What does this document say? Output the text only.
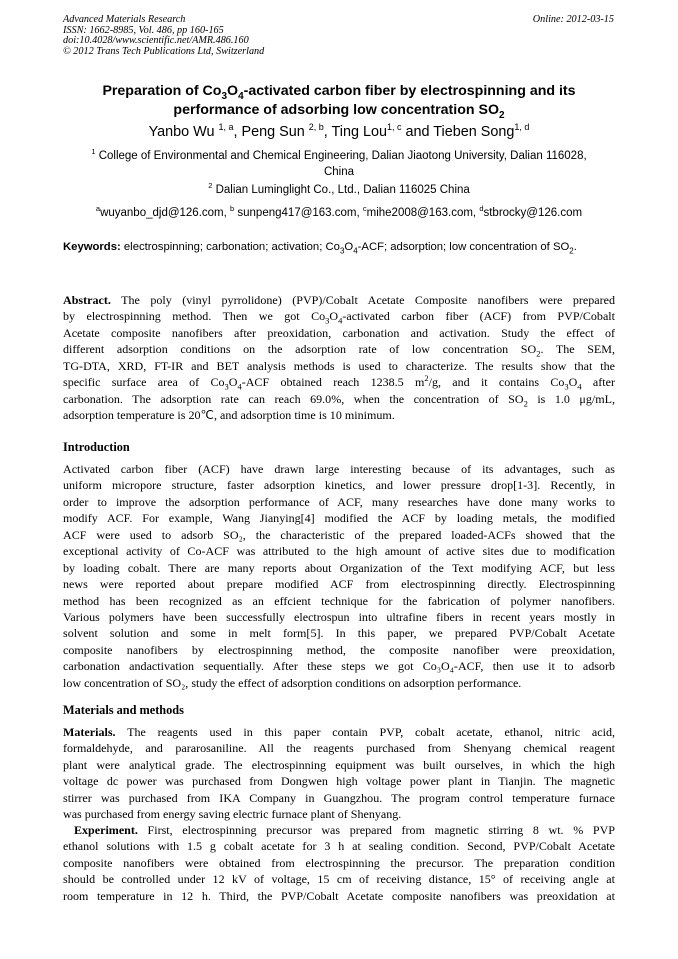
Advanced Materials Research
ISSN: 1662-8985, Vol. 486, pp 160-165
doi:10.4028/www.scientific.net/AMR.486.160
© 2012 Trans Tech Publications Ltd, Switzerland
Online: 2012-03-15
Preparation of $Co_3O_4$-activated carbon fiber by electrospinning and its
performance of adsorbing low concentration $SO_2$
Yanbo Wu $^{1, a}$, Peng Sun $^{2, b}$, Ting Lou$^{1, c}$ and Tieben Song$^{1, d}$
$^1$ College of Environmental and Chemical Engineering, Dalian Jiaotong University, Dalian 116028,
China
$^2$ Dalian Luminglight Co., Ltd., Dalian 116025 China
$^a$wuyanbo_djd@126.com, $^b$ sunpeng417@163.com, $^c$mihe2008@163.com, $^d$stbrocky@126.com
Keywords: electrospinning; carbonation; activation; $Co_3O_4$-ACF; adsorption; low concentration of $SO_2$.
Abstract. The poly (vinyl pyrrolidone) (PVP)/Cobalt Acetate Composite nanofibers were prepared
by electrospinning method. Then we got $Co_3O_4$-activated carbon fiber (ACF) from PVP/Cobalt
Acetate composite nanofibers after preoxidation, carbonation and activation. Study the effect of
different adsorption conditions on the adsorption rate of low concentration $SO_2$. The SEM,
TG-DTA, XRD, FT-IR and BET analysis methods is used to characterize. The results show that the
specific surface area of $Co_3O_4$-ACF obtained reach 1238.5 $m^2/g$, and it contains $Co_3O_4$ after
carbonation. The adsorption rate can reach 69.0%, when the concentration of $SO_2$ is 1.0 μg/mL,
adsorption temperature is 20℃, and adsorption time is 10 minimum.
Introduction
Activated carbon fiber (ACF) have drawn large interesting because of its advantages, such as
uniform micropore structure, faster adsorption kinetics, and lower pressure drop[1-3]. Recently, in
order to improve the adsorption performance of ACF, many researches have done many works to
modify ACF. For example, Wang Jianying[4] modified the ACF by loading metals, the modified
ACF were used to adsorb SO₂, the characteristic of the prepared loaded-ACFs showed that the
exceptional activity of Co-ACF was attributed to the high amount of active sites due to modification
by loading cobalt. There are many reports about Organization of the Text modifying ACF, but less
news were reported about prepare modified ACF from electrospinning directly. Electrospinning
method has been recognized as an effcient technique for the fabrication of polymer nanofibers.
Various polymers have been successfully electrospun into ultrafine fibers in recent years mostly in
solvent solution and some in melt form[5]. In this paper, we prepared PVP/Cobalt Acetate
composite nanofibers by electrospinning method, the composite nanofiber were preoxidation,
carbonation andactivation sequentially. After these steps we got Co₃O₄-ACF, then use it to adsorb
low concentration of SO₂, study the effect of adsorption conditions on adsorption performance.
Materials and methods
Materials. The reagents used in this paper contain PVP, cobalt acetate, ethanol, nitric acid,
formaldehyde, and pararosaniline. All the reagents purchased from Shenyang chemical reagent
plant were analytical grade. The electrospinning equipment was built ourselves, in which the high
voltage dc power was purchased from Dongwen high voltage power plant in Tianjin. The magnetic
stirrer was purchased from IKA Company in Guangzhou. The program control temperature furnace
was purchased from energy saving electric furnace plant of Shenyang.
Experiment. First, electrospinning precursor was prepared from magnetic stirring 8 wt. % PVP
ethanol solutions with 1.5 g cobalt acetate for 3 h at sealing condition. Second, PVP/Cobalt Acetate
composite nanofibers were obtained from electrospinning the precursor. The preparation condition
should be controlled under 12 kV of voltage, 15 cm of receiving distance, 15° of receiving angle at
room temperature in 12 h. Third, the PVP/Cobalt Acetate composite nanofibers was preoxidation at
